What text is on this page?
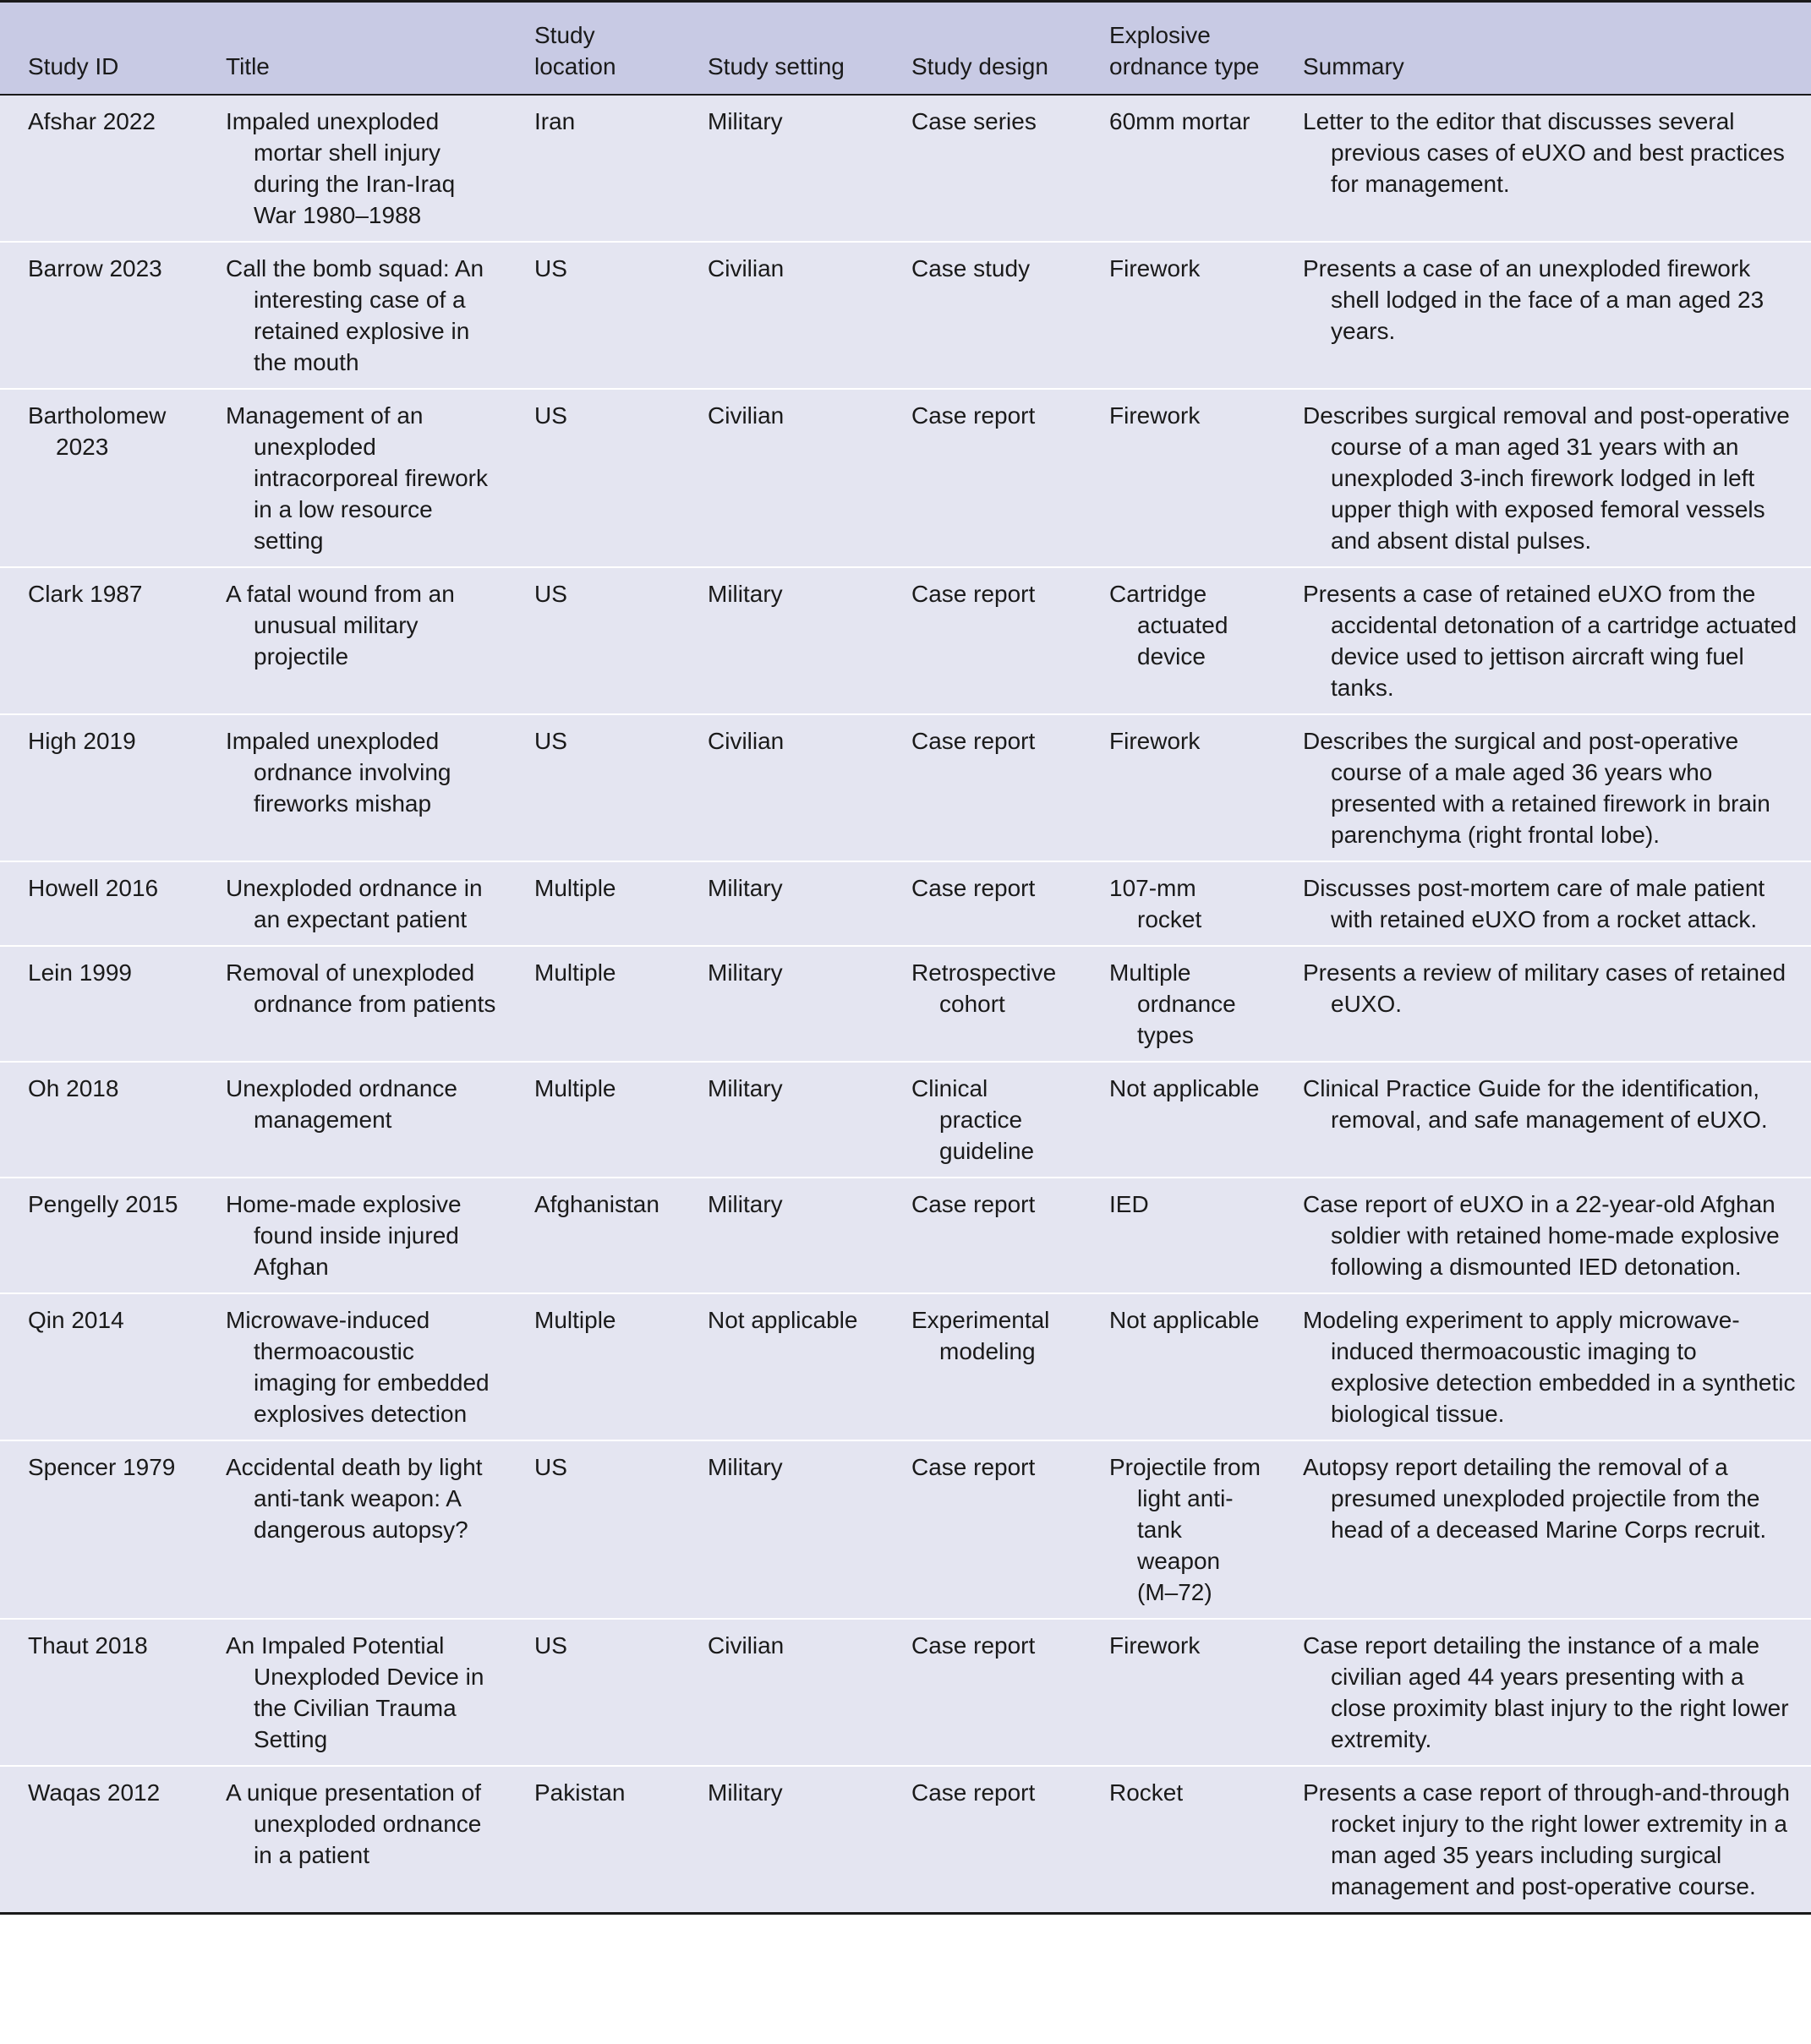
Study ID	Title	Study location	Study setting	Study design	Explosive ordnance type	Summary

Afshar 2022	Impaled unexploded mortar shell injury during the Iran-Iraq War 1980–1988	Iran	Military	Case series	60mm mortar	Letter to the editor that discusses several previous cases of eUXO and best practices for management.

Barrow 2023	Call the bomb squad: An interesting case of a retained explosive in the mouth	US	Civilian	Case study	Firework	Presents a case of an unexploded firework shell lodged in the face of a man aged 23 years.

Bartholomew 2023	Management of an unexploded intracorporeal firework in a low resource setting	US	Civilian	Case report	Firework	Describes surgical removal and post-operative course of a man aged 31 years with an unexploded 3-inch firework lodged in left upper thigh with exposed femoral vessels and absent distal pulses.

Clark 1987	A fatal wound from an unusual military projectile	US	Military	Case report	Cartridge actuated device	Presents a case of retained eUXO from the accidental detonation of a cartridge actuated device used to jettison aircraft wing fuel tanks.

High 2019	Impaled unexploded ordnance involving fireworks mishap	US	Civilian	Case report	Firework	Describes the surgical and post-operative course of a male aged 36 years who presented with a retained firework in brain parenchyma (right frontal lobe).

Howell 2016	Unexploded ordnance in an expectant patient	Multiple	Military	Case report	107-mm rocket	Discusses post-mortem care of male patient with retained eUXO from a rocket attack.

Lein 1999	Removal of unexploded ordnance from patients	Multiple	Military	Retrospective cohort	Multiple ordnance types	Presents a review of military cases of retained eUXO.

Oh 2018	Unexploded ordnance management	Multiple	Military	Clinical practice guideline	Not applicable	Clinical Practice Guide for the identification, removal, and safe management of eUXO.

Pengelly 2015	Home-made explosive found inside injured Afghan	Afghanistan	Military	Case report	IED	Case report of eUXO in a 22-year-old Afghan soldier with retained home-made explosive following a dismounted IED detonation.

Qin 2014	Microwave-induced thermoacoustic imaging for embedded explosives detection	Multiple	Not applicable	Experimental modeling	Not applicable	Modeling experiment to apply microwave-induced thermoacoustic imaging to explosive detection embedded in a synthetic biological tissue.

Spencer 1979	Accidental death by light anti-tank weapon: A dangerous autopsy?	US	Military	Case report	Projectile from light anti-tank weapon (M–72)	Autopsy report detailing the removal of a presumed unexploded projectile from the head of a deceased Marine Corps recruit.

Thaut 2018	An Impaled Potential Unexploded Device in the Civilian Trauma Setting	US	Civilian	Case report	Firework	Case report detailing the instance of a male civilian aged 44 years presenting with a close proximity blast injury to the right lower extremity.

Waqas 2012	A unique presentation of unexploded ordnance in a patient	Pakistan	Military	Case report	Rocket	Presents a case report of through-and-through rocket injury to the right lower extremity in a man aged 35 years including surgical management and post-operative course.
